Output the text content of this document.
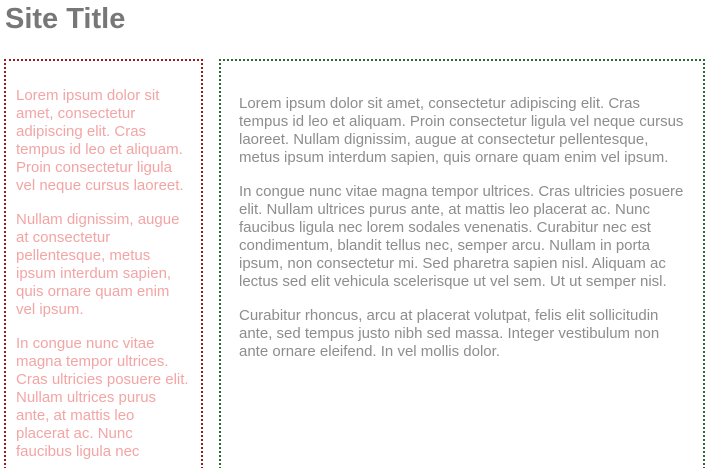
Site Title

Lorem ipsum dolor sit amet, consectetur adipiscing elit. Cras tempus id leo et aliquam. Proin consectetur ligula vel neque cursus laoreet.

Nullam dignissim, augue at consectetur pellentesque, metus ipsum interdum sapien, quis ornare quam enim vel ipsum.

In congue nunc vitae magna tempor ultrices. Cras ultricies posuere elit. Nullam ultrices purus ante, at mattis leo placerat ac. Nunc faucibus ligula nec

Lorem ipsum dolor sit amet, consectetur adipiscing elit. Cras tempus id leo et aliquam. Proin consectetur ligula vel neque cursus laoreet. Nullam dignissim, augue at consectetur pellentesque, metus ipsum interdum sapien, quis ornare quam enim vel ipsum.

In congue nunc vitae magna tempor ultrices. Cras ultricies posuere elit. Nullam ultrices purus ante, at mattis leo placerat ac. Nunc faucibus ligula nec lorem sodales venenatis. Curabitur nec est condimentum, blandit tellus nec, semper arcu. Nullam in porta ipsum, non consectetur mi. Sed pharetra sapien nisl. Aliquam ac lectus sed elit vehicula scelerisque ut vel sem. Ut ut semper nisl.

Curabitur rhoncus, arcu at placerat volutpat, felis elit sollicitudin ante, sed tempus justo nibh sed massa. Integer vestibulum non ante ornare eleifend. In vel mollis dolor.
